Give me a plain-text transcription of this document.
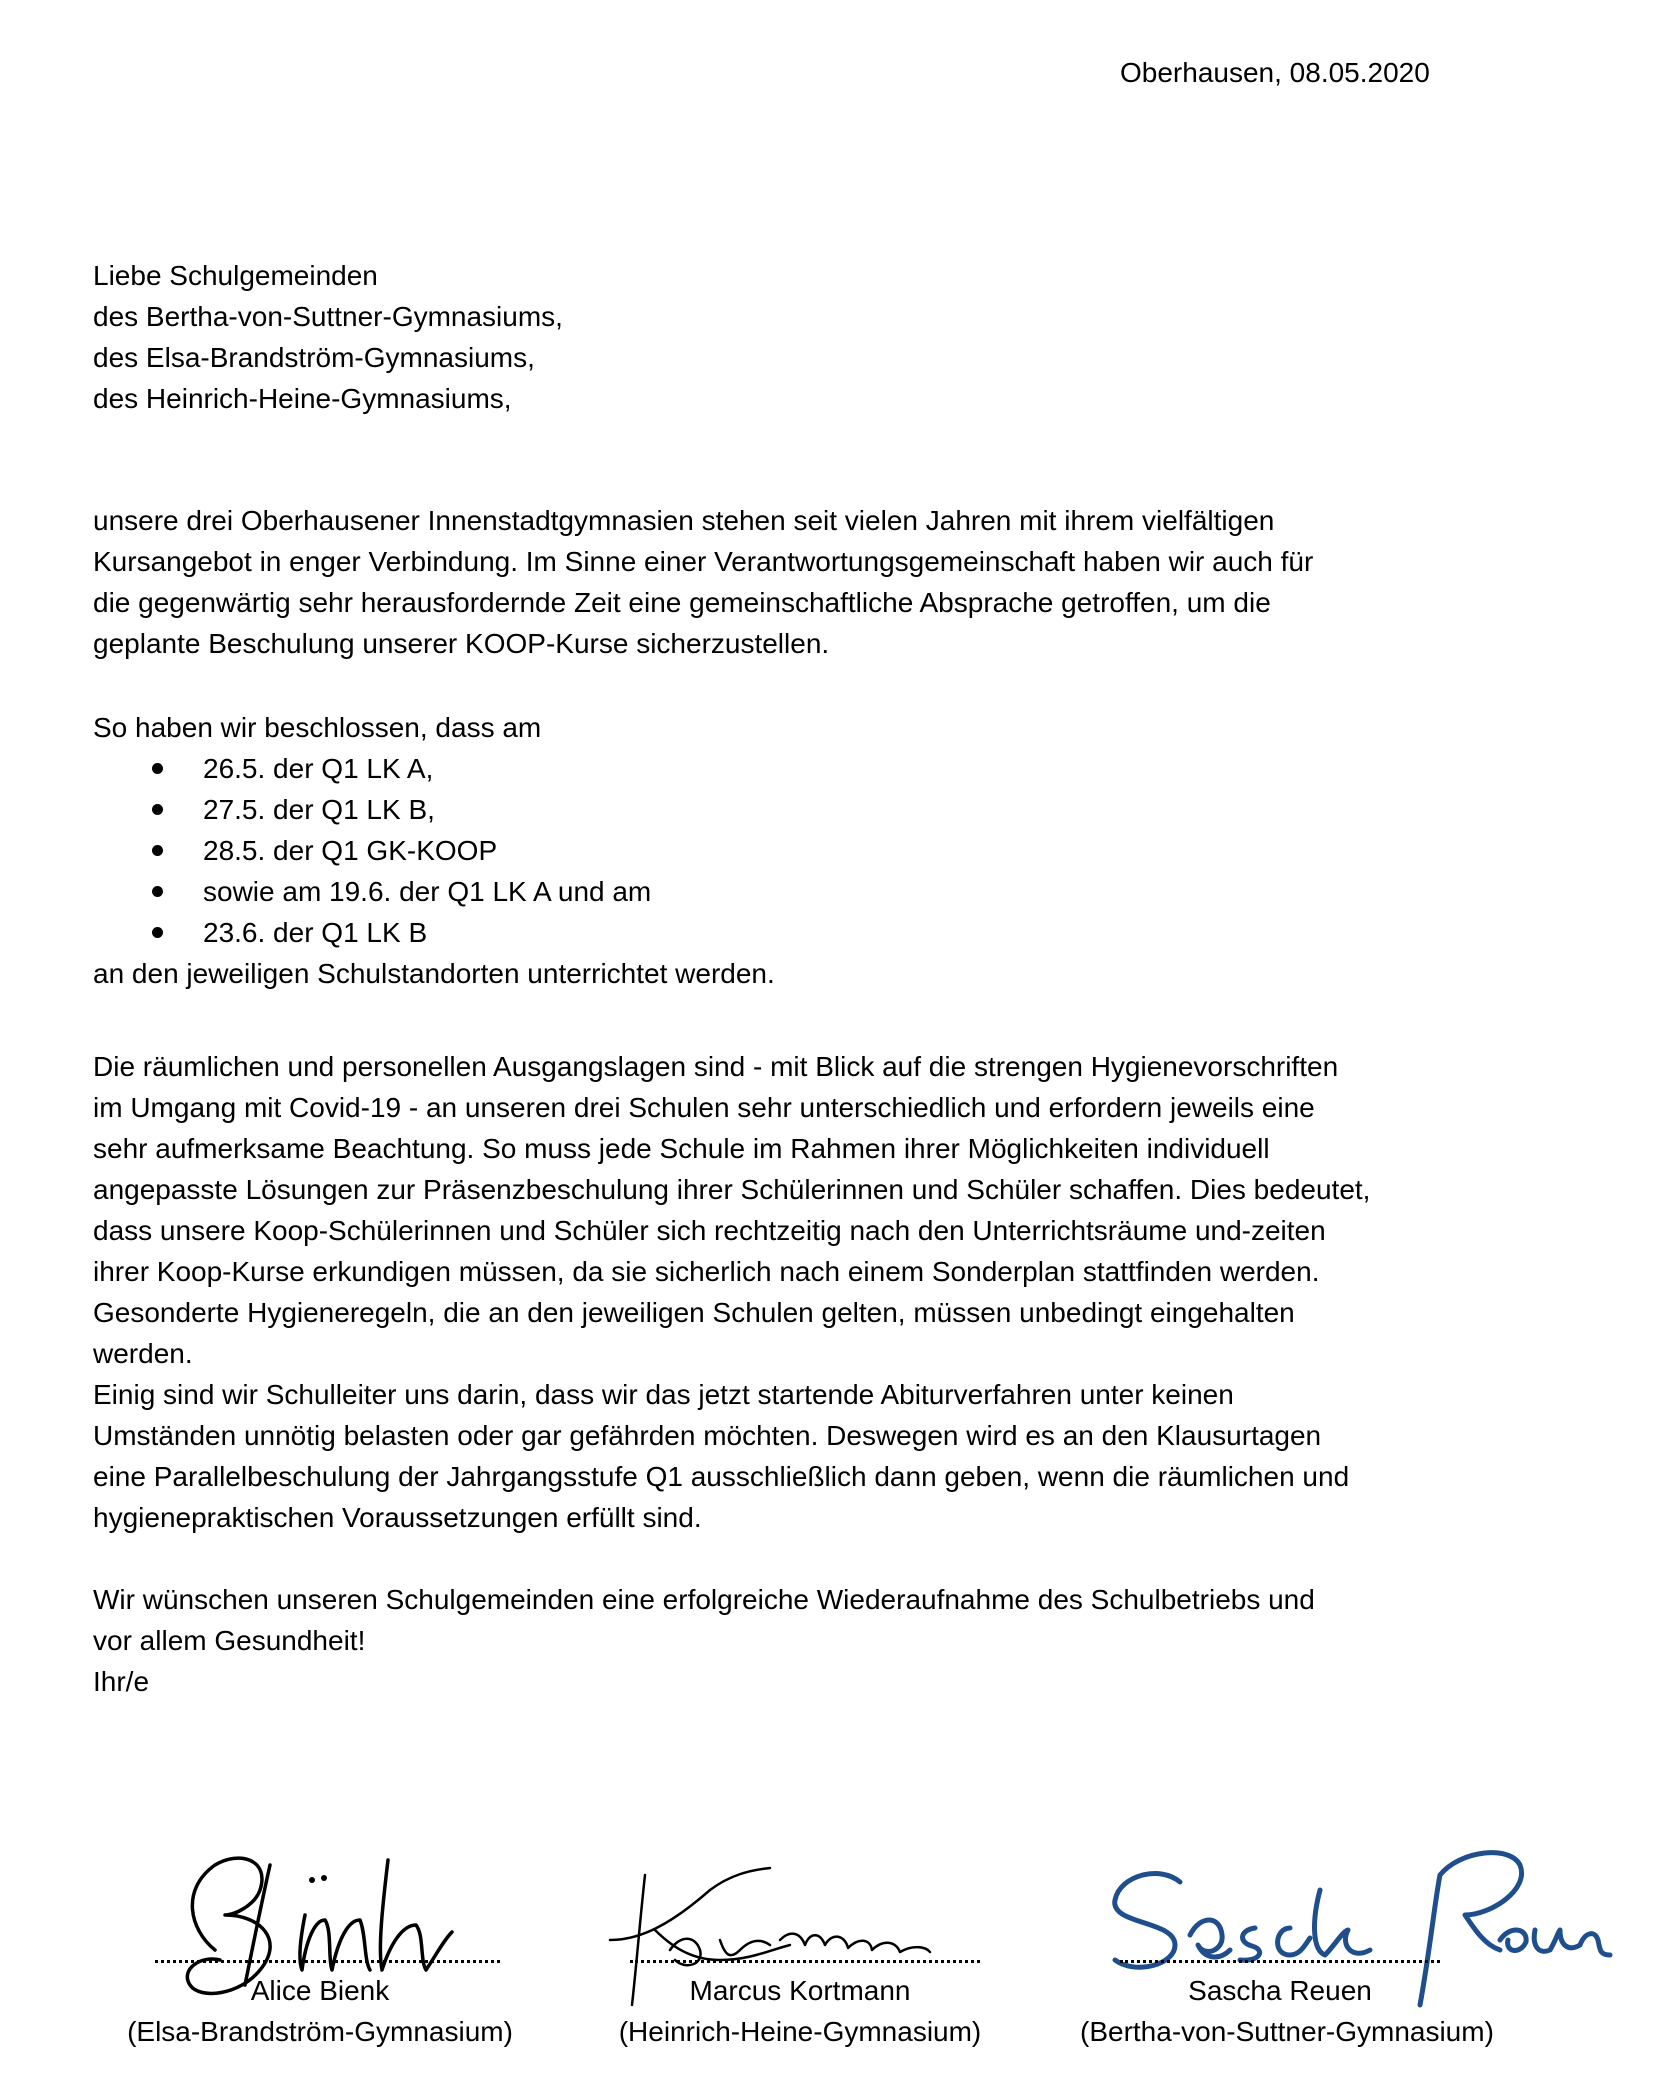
Oberhausen, 08.05.2020
Liebe Schulgemeinden
des Bertha-von-Suttner-Gymnasiums,
des Elsa-Brandström-Gymnasiums,
des Heinrich-Heine-Gymnasiums,
unsere drei Oberhausener Innenstadtgymnasien stehen seit vielen Jahren mit ihrem vielfältigen
Kursangebot in enger Verbindung. Im Sinne einer Verantwortungsgemeinschaft haben wir auch für
die gegenwärtig sehr herausfordernde Zeit eine gemeinschaftliche Absprache getroffen, um die
geplante Beschulung unserer KOOP-Kurse sicherzustellen.
So haben wir beschlossen, dass am
26.5. der Q1 LK A,
27.5. der Q1 LK B,
28.5. der Q1 GK-KOOP
sowie am 19.6. der Q1 LK A und am
23.6. der Q1 LK B
an den jeweiligen Schulstandorten unterrichtet werden.
Die räumlichen und personellen Ausgangslagen sind - mit Blick auf die strengen Hygienevorschriften
im Umgang mit Covid-19 - an unseren drei Schulen sehr unterschiedlich und erfordern jeweils eine
sehr aufmerksame Beachtung. So muss jede Schule im Rahmen ihrer Möglichkeiten individuell
angepasste Lösungen zur Präsenzbeschulung ihrer Schülerinnen und Schüler schaffen. Dies bedeutet,
dass unsere Koop-Schülerinnen und Schüler sich rechtzeitig nach den Unterrichtsräume und-zeiten
ihrer Koop-Kurse erkundigen müssen, da sie sicherlich nach einem Sonderplan stattfinden werden.
Gesonderte Hygieneregeln, die an den jeweiligen Schulen gelten, müssen unbedingt eingehalten
werden.
Einig sind wir Schulleiter uns darin, dass wir das jetzt startende Abiturverfahren unter keinen
Umständen unnötig belasten oder gar gefährden möchten. Deswegen wird es an den Klausurtagen
eine Parallelbeschulung der Jahrgangsstufe Q1 ausschließlich dann geben, wenn die räumlichen und
hygienepraktischen Voraussetzungen erfüllt sind.
Wir wünschen unseren Schulgemeinden eine erfolgreiche Wiederaufnahme des Schulbetriebs und
vor allem Gesundheit!
Ihr/e
Alice Bienk
(Elsa-Brandström-Gymnasium)
Marcus Kortmann
(Heinrich-Heine-Gymnasium)
Sascha Reuen
(Bertha-von-Suttner-Gymnasium)
